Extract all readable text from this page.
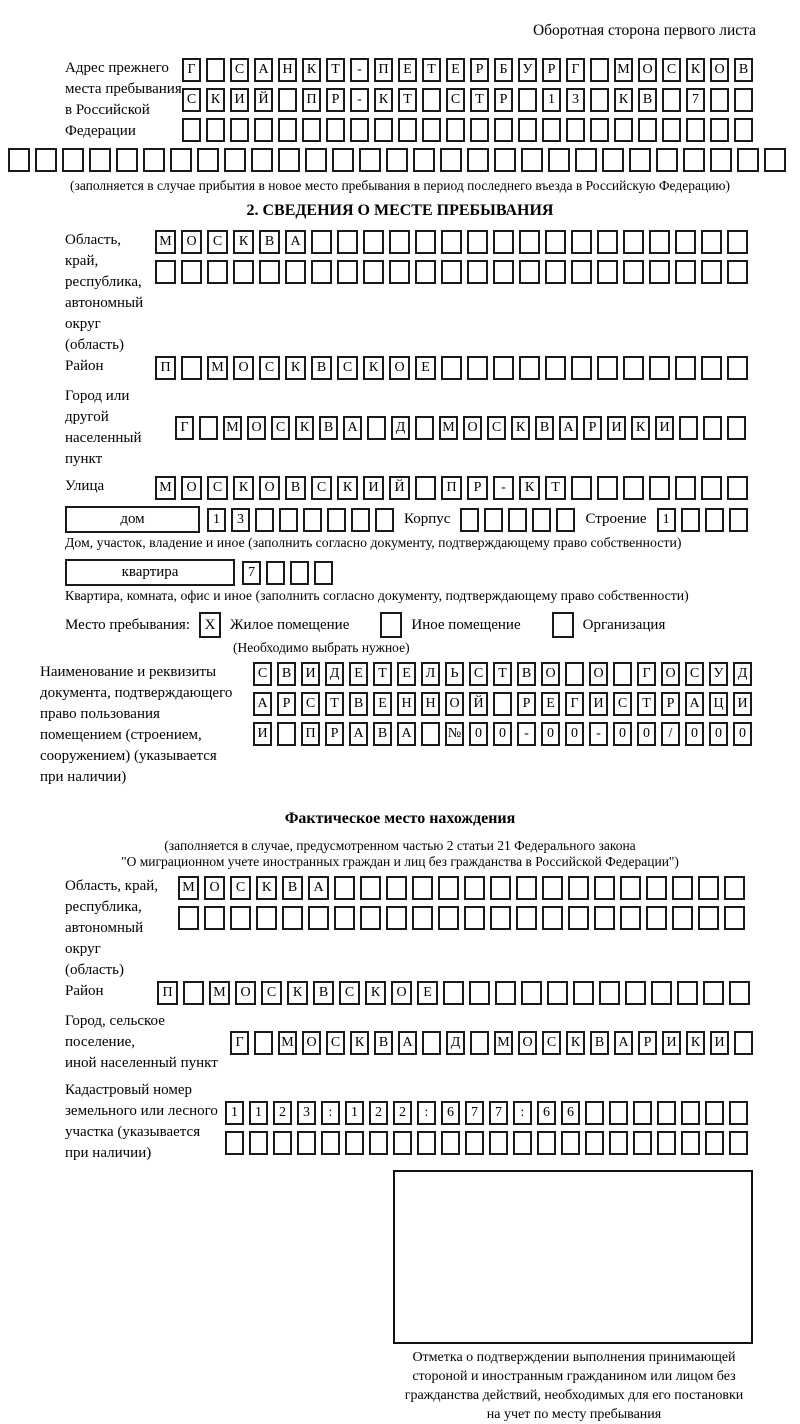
Оборотная сторона первого листа
Адрес прежнего
места пребывания
в Российской
Федерации
Г	С	А Н	К	Т	-	П	Е	Т	Е	Р	Б	У	Р	Г	М О	С	К	О	В
С	К	И Й	П	Р	-	К	Т	С	Т	Р	1	3	К	В	7
(заполняется в случае прибытия в новое место пребывания в период последнего въезда в Российскую Федерацию)
2. СВЕДЕНИЯ О МЕСТЕ ПРЕБЫВАНИЯ
Область, край,
республика,
автономный
округ (область)
М	О	С	К	В	А
Район	П	М	О	С	К	В	С	К	О	Е
Город или другой
населенный пункт
Г	М О	С	К	В	А	Д	М О	С	К	В	А	Р	И	К	И
Улица	М	О	С	К	О	В	С	К	И	Й	П	Р	-	К	Т
дом	1	3	Корпус	Строение	1
Дом, участок, владение и иное (заполнить согласно документу, подтверждающему право собственности)
квартира	7
Квартира, комната, офис и иное (заполнить согласно документу, подтверждающему право собственности)
Место пребывания: X Жилое помещение	Иное помещение	Организация
(Необходимо выбрать нужное)
Наименование и реквизиты
документа, подтверждающего
право пользования
помещением (строением,
сооружением) (указывается
при наличии)
С	В	И	Д	Е	Т	Е	Л	Ь	С	Т	В	О	О	Г	О	С	У	Д
А	Р	С	Т	В	Е	Н Н О Й	Р	Е	Г	И	С	Т	Р	А Ц И
И	П	Р	А	В	А	№ 0	0	-	0	0	-	0	0	/	0	0	0
Фактическое место нахождения
(заполняется в случае, предусмотренном частью 2 статьи 21 Федерального закона
"О миграционном учете иностранных граждан и лиц без гражданства в Российской Федерации")
Область, край,
республика,
автономный округ
(область)
М	О	С	К	В	А
Район	П	М	О	С	К	В	С	К	О	Е
Город, сельское поселение,
иной населенный пункт
Г	М О	С	К	В	А	Д	М О	С	К	В	А	Р	И	К	И
Кадастровый номер
земельного или лесного
участка (указывается
при наличии)
1	1	2	3	:	1	2	2	:	6	7	7	:	6	6
Отметка о подтверждении выполнения принимающей
стороной и иностранным гражданином или лицом без
гражданства действий, необходимых для его постановки
на учет по месту пребывания
